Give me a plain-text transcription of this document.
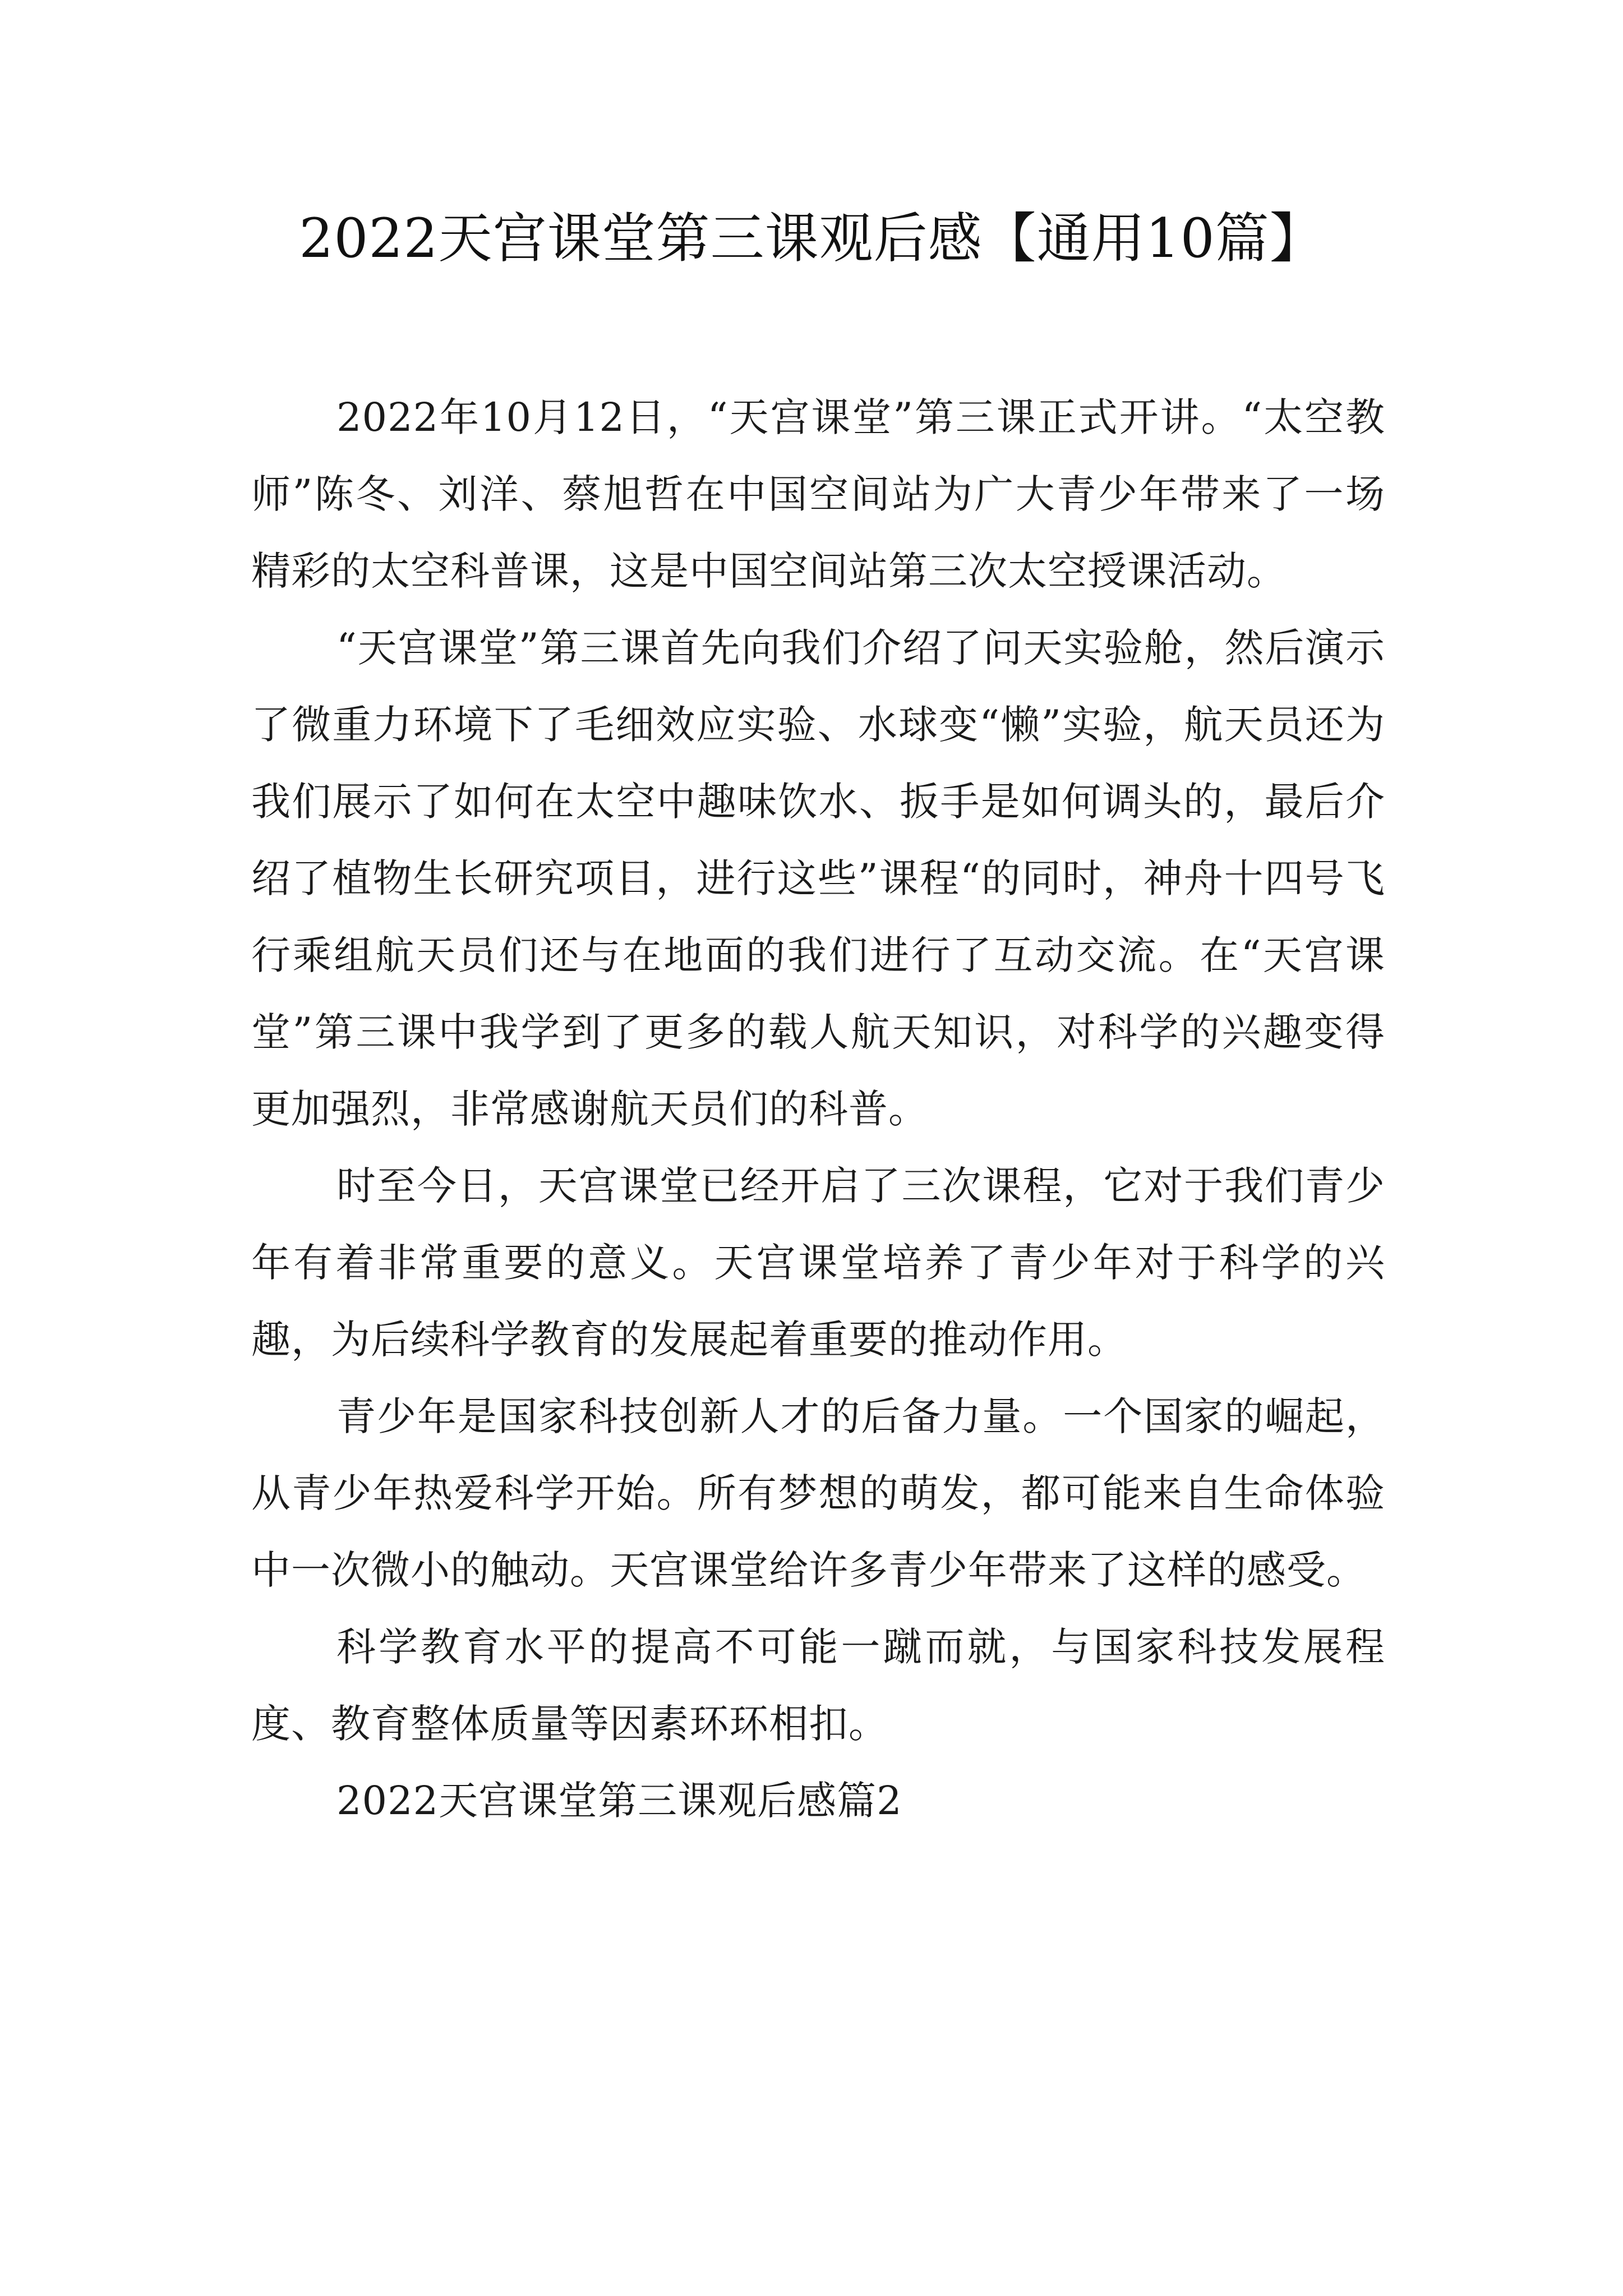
2022天宫课堂第三课观后感【通用10篇】

2022年10月12日，“天宫课堂”第三课正式开讲。“太空教师”陈冬、刘洋、蔡旭哲在中国空间站为广大青少年带来了一场精彩的太空科普课，这是中国空间站第三次太空授课活动。

“天宫课堂”第三课首先向我们介绍了问天实验舱，然后演示了微重力环境下了毛细效应实验、水球变“懒”实验，航天员还为我们展示了如何在太空中趣味饮水、扳手是如何调头的，最后介绍了植物生长研究项目，进行这些”课程“的同时，神舟十四号飞行乘组航天员们还与在地面的我们进行了互动交流。在“天宫课堂”第三课中我学到了更多的载人航天知识，对科学的兴趣变得更加强烈，非常感谢航天员们的科普。

时至今日，天宫课堂已经开启了三次课程，它对于我们青少年有着非常重要的意义。天宫课堂培养了青少年对于科学的兴趣，为后续科学教育的发展起着重要的推动作用。

青少年是国家科技创新人才的后备力量。一个国家的崛起，从青少年热爱科学开始。所有梦想的萌发，都可能来自生命体验中一次微小的触动。天宫课堂给许多青少年带来了这样的感受。

科学教育水平的提高不可能一蹴而就，与国家科技发展程度、教育整体质量等因素环环相扣。

2022天宫课堂第三课观后感篇2
